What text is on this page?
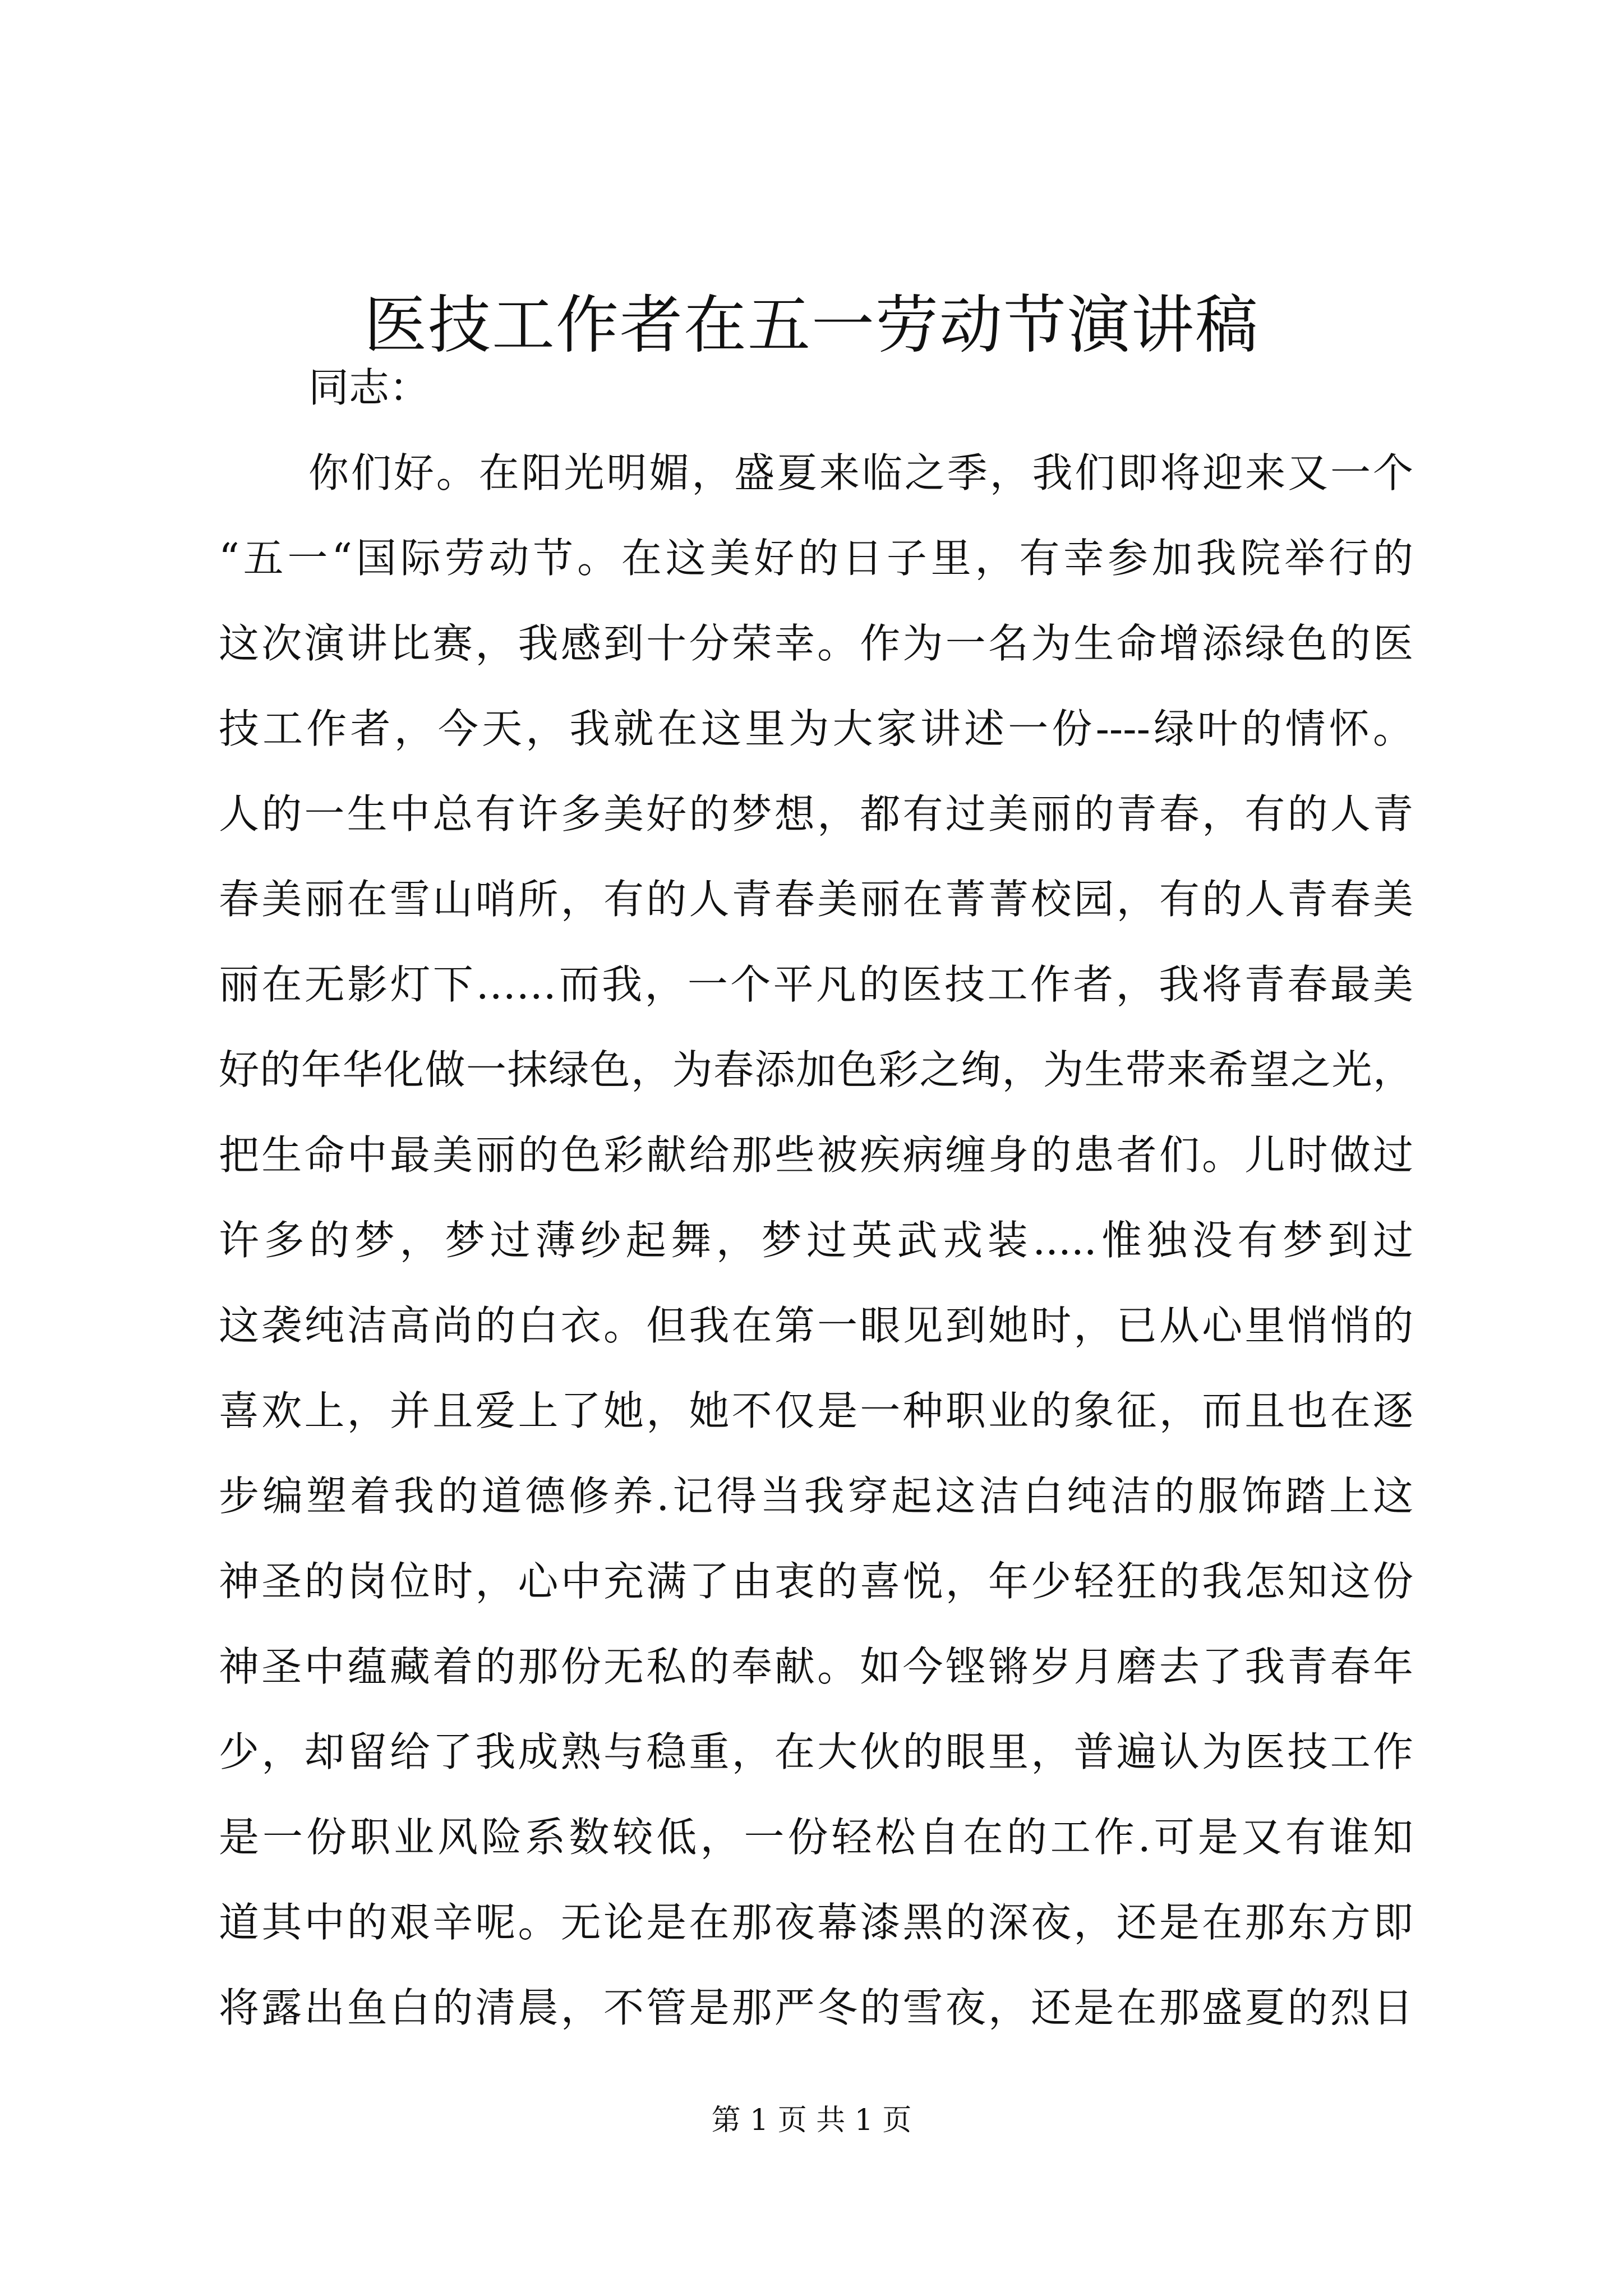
医技工作者在五一劳动节演讲稿
同志：
你们好。在阳光明媚，盛夏来临之季，我们即将迎来又一个
“五一“国际劳动节。在这美好的日子里，有幸参加我院举行的
这次演讲比赛，我感到十分荣幸。作为一名为生命增添绿色的医
技工作者，今天，我就在这里为大家讲述一份----绿叶的情怀。
人的一生中总有许多美好的梦想，都有过美丽的青春，有的人青
春美丽在雪山哨所，有的人青春美丽在菁菁校园，有的人青春美
丽在无影灯下……而我，一个平凡的医技工作者，我将青春最美
好的年华化做一抹绿色，为春添加色彩之绚，为生带来希望之光，
把生命中最美丽的色彩献给那些被疾病缠身的患者们。儿时做过
许多的梦，梦过薄纱起舞，梦过英武戎装.....惟独没有梦到过
这袭纯洁高尚的白衣。但我在第一眼见到她时，已从心里悄悄的
喜欢上，并且爱上了她，她不仅是一种职业的象征，而且也在逐
步编塑着我的道德修养.记得当我穿起这洁白纯洁的服饰踏上这
神圣的岗位时，心中充满了由衷的喜悦，年少轻狂的我怎知这份
神圣中蕴藏着的那份无私的奉献。如今铿锵岁月磨去了我青春年
少，却留给了我成熟与稳重，在大伙的眼里，普遍认为医技工作
是一份职业风险系数较低，一份轻松自在的工作.可是又有谁知
道其中的艰辛呢。无论是在那夜幕漆黑的深夜，还是在那东方即
将露出鱼白的清晨，不管是那严冬的雪夜，还是在那盛夏的烈日
第 1 页 共 1 页
